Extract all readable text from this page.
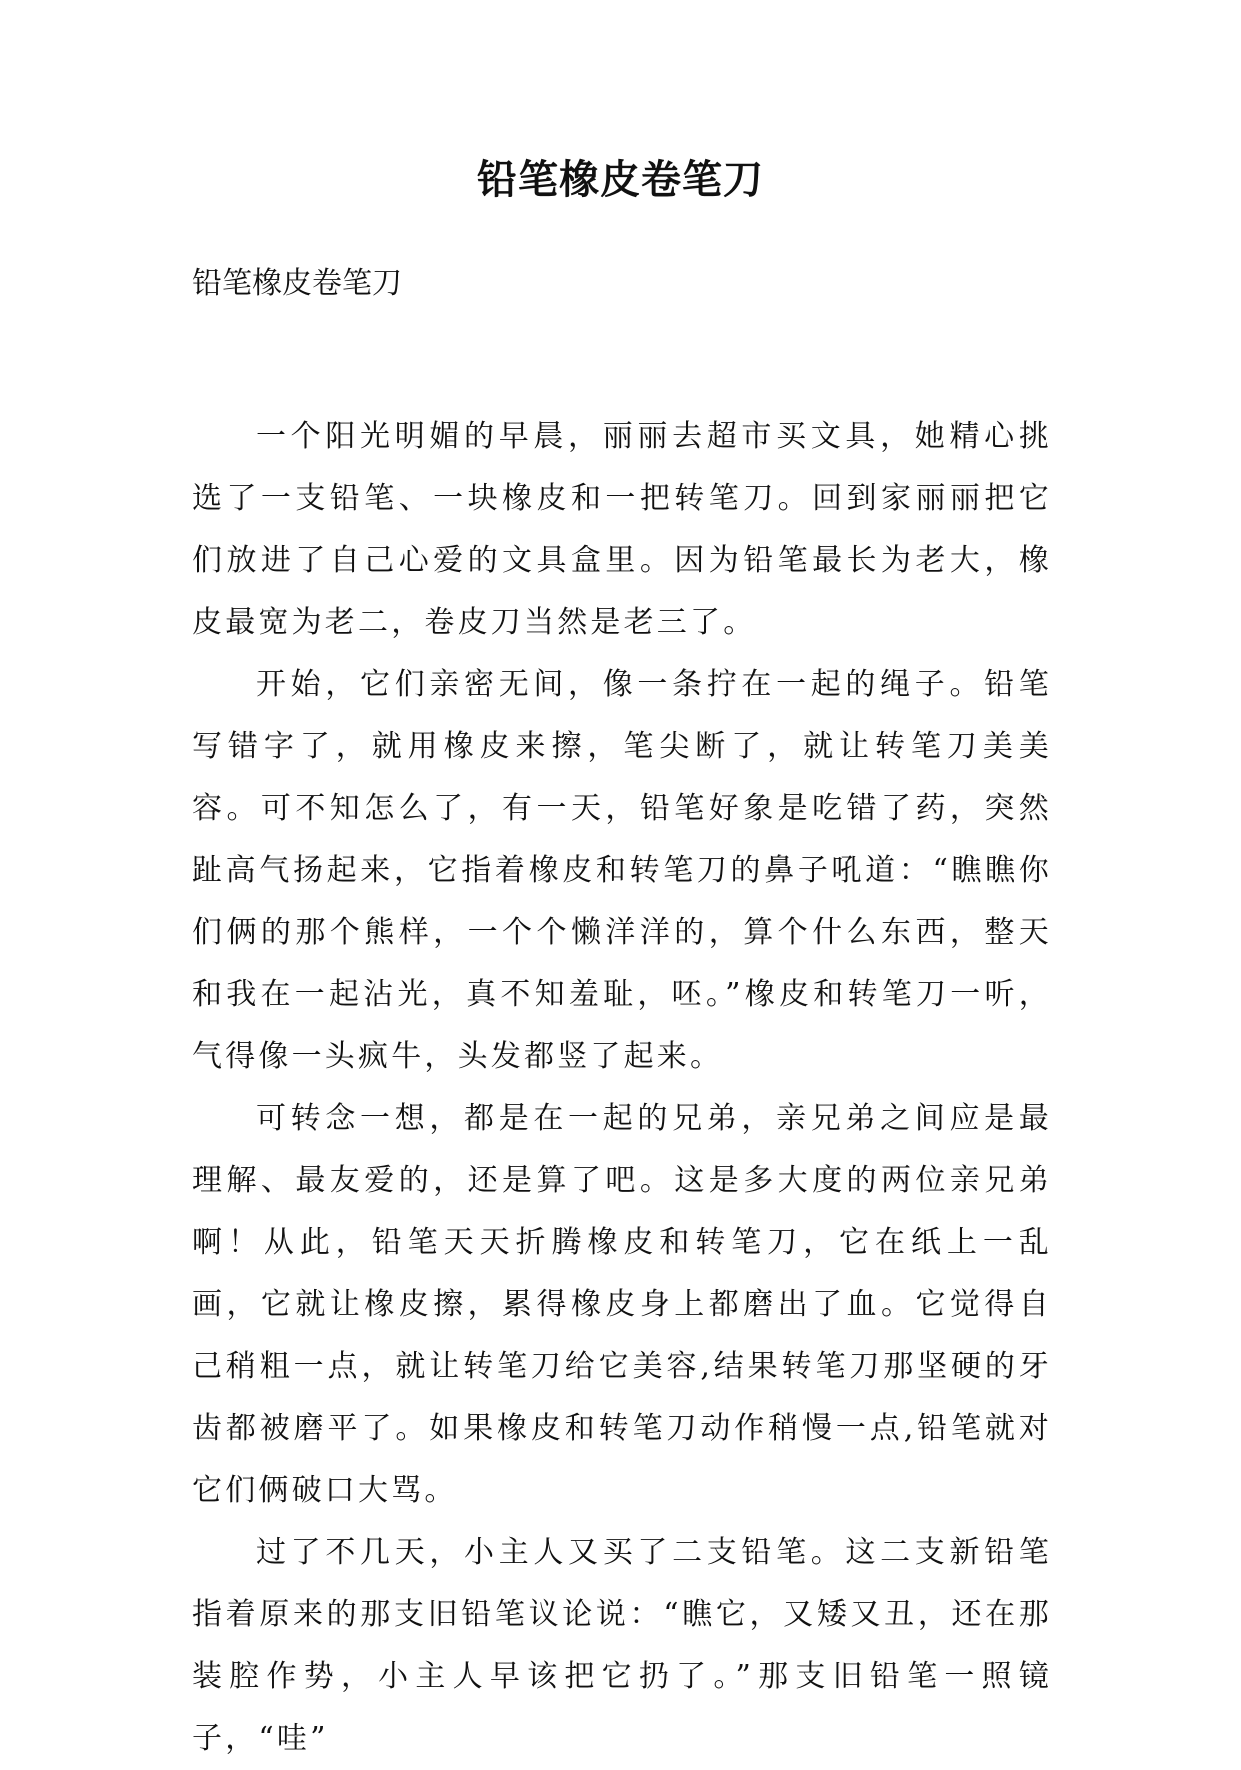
铅笔橡皮卷笔刀

铅笔橡皮卷笔刀

一个阳光明媚的早晨，丽丽去超市买文具，她精心挑选了一支铅笔、一块橡皮和一把转笔刀。回到家丽丽把它们放进了自己心爱的文具盒里。因为铅笔最长为老大，橡皮最宽为老二，卷皮刀当然是老三了。

开始，它们亲密无间，像一条拧在一起的绳子。铅笔写错字了，就用橡皮来擦，笔尖断了，就让转笔刀美美容。可不知怎么了，有一天，铅笔好象是吃错了药，突然趾高气扬起来，它指着橡皮和转笔刀的鼻子吼道：“瞧瞧你们俩的那个熊样，一个个懒洋洋的，算个什么东西，整天和我在一起沾光，真不知羞耻，呸。”橡皮和转笔刀一听，气得像一头疯牛，头发都竖了起来。

可转念一想，都是在一起的兄弟，亲兄弟之间应是最理解、最友爱的，还是算了吧。这是多大度的两位亲兄弟啊！从此，铅笔天天折腾橡皮和转笔刀，它在纸上一乱画，它就让橡皮擦，累得橡皮身上都磨出了血。它觉得自己稍粗一点，就让转笔刀给它美容,结果转笔刀那坚硬的牙齿都被磨平了。如果橡皮和转笔刀动作稍慢一点,铅笔就对它们俩破口大骂。

过了不几天，小主人又买了二支铅笔。这二支新铅笔指着原来的那支旧铅笔议论说：“瞧它，又矮又丑，还在那装腔作势，小主人早该把它扔了。”那支旧铅笔一照镜子，“哇”
